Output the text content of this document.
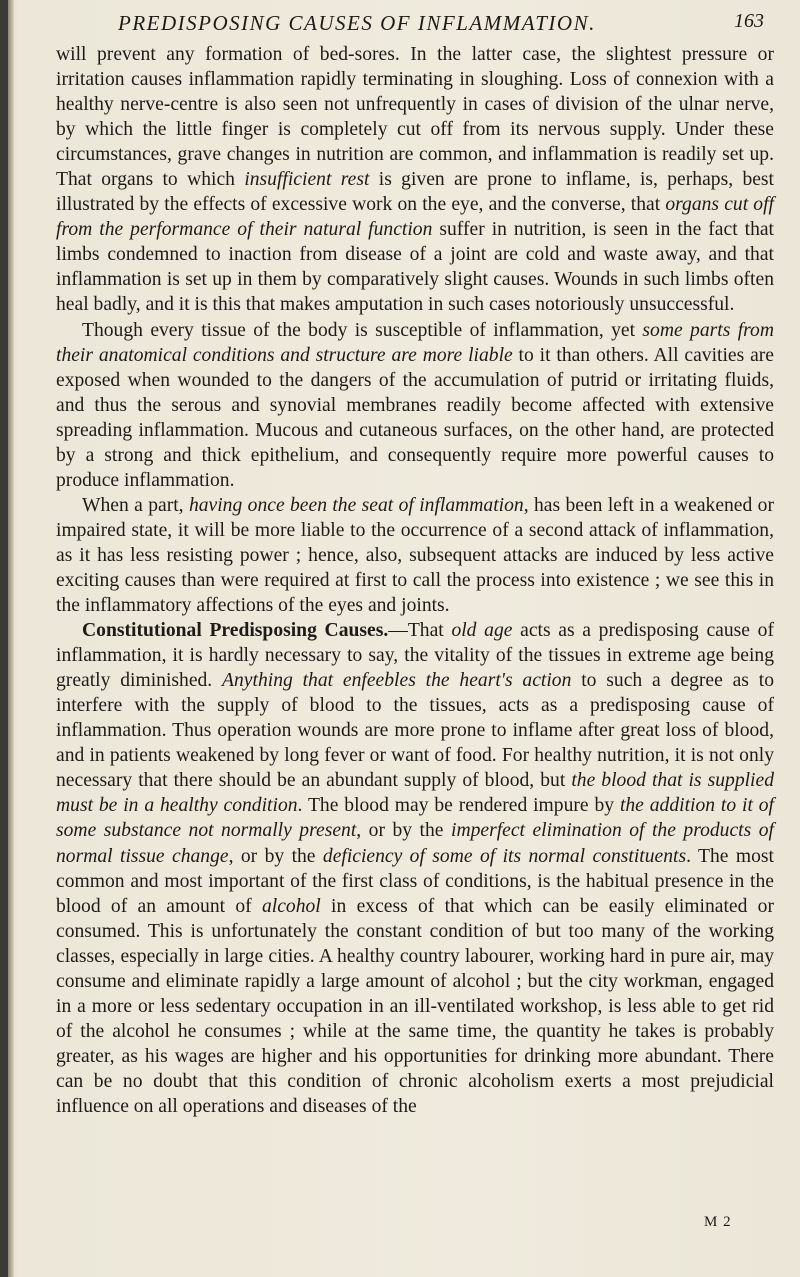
PREDISPOSING CAUSES OF INFLAMMATION.	163

will prevent any formation of bed-sores. In the latter case, the slightest pressure or irritation causes inflammation rapidly terminating in sloughing. Loss of connexion with a healthy nerve-centre is also seen not unfrequently in cases of division of the ulnar nerve, by which the little finger is completely cut off from its nervous supply. Under these circumstances, grave changes in nutrition are common, and inflammation is readily set up. That organs to which insufficient rest is given are prone to inflame, is, perhaps, best illustrated by the effects of excessive work on the eye, and the converse, that organs cut off from the performance of their natural function suffer in nutrition, is seen in the fact that limbs condemned to inaction from disease of a joint are cold and waste away, and that inflammation is set up in them by comparatively slight causes. Wounds in such limbs often heal badly, and it is this that makes amputation in such cases notoriously unsuccessful.

Though every tissue of the body is susceptible of inflammation, yet some parts from their anatomical conditions and structure are more liable to it than others. All cavities are exposed when wounded to the dangers of the accumulation of putrid or irritating fluids, and thus the serous and synovial membranes readily become affected with extensive spreading inflammation. Mucous and cutaneous surfaces, on the other hand, are protected by a strong and thick epithelium, and consequently require more powerful causes to produce inflammation.

When a part, having once been the seat of inflammation, has been left in a weakened or impaired state, it will be more liable to the occurrence of a second attack of inflammation, as it has less resisting power ; hence, also, subsequent attacks are induced by less active exciting causes than were required at first to call the process into existence ; we see this in the inflammatory affections of the eyes and joints.

Constitutional Predisposing Causes.—That old age acts as a predisposing cause of inflammation, it is hardly necessary to say, the vitality of the tissues in extreme age being greatly diminished. Anything that enfeebles the heart's action to such a degree as to interfere with the supply of blood to the tissues, acts as a predisposing cause of inflammation. Thus operation wounds are more prone to inflame after great loss of blood, and in patients weakened by long fever or want of food. For healthy nutrition, it is not only necessary that there should be an abundant supply of blood, but the blood that is supplied must be in a healthy condition. The blood may be rendered impure by the addition to it of some substance not normally present, or by the imperfect elimination of the products of normal tissue change, or by the deficiency of some of its normal constituents. The most common and most important of the first class of conditions, is the habitual presence in the blood of an amount of alcohol in excess of that which can be easily eliminated or consumed. This is unfortunately the constant condition of but too many of the working classes, especially in large cities. A healthy country labourer, working hard in pure air, may consume and eliminate rapidly a large amount of alcohol ; but the city workman, engaged in a more or less sedentary occupation in an ill-ventilated workshop, is less able to get rid of the alcohol he consumes ; while at the same time, the quantity he takes is probably greater, as his wages are higher and his opportunities for drinking more abundant. There can be no doubt that this condition of chronic alcoholism exerts a most prejudicial influence on all operations and diseases of the

M 2
